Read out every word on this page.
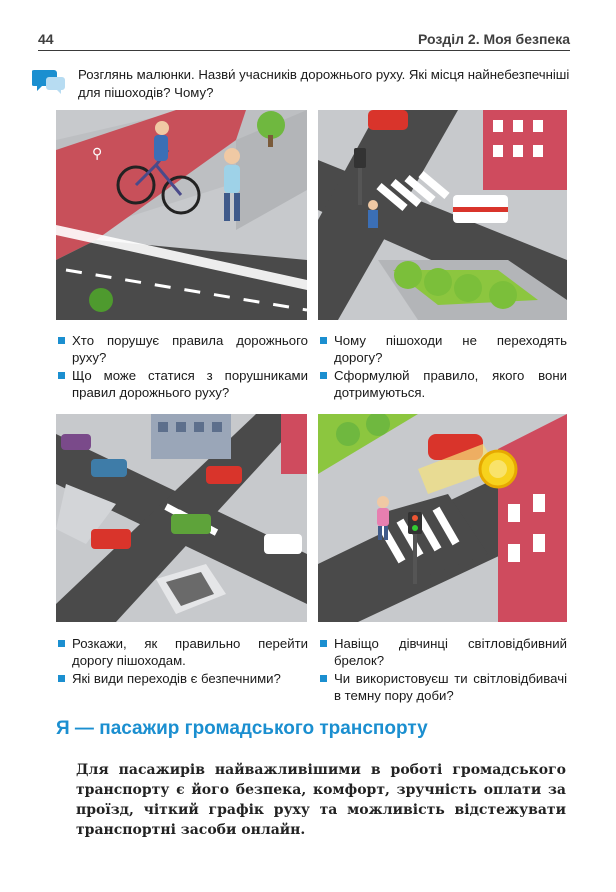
44	Розділ 2. Моя безпека
Розглянь малюнки. Назви́ учасників дорожнього руху. Які місця найнебезпечніші для пішоходів? Чому?
⚲
Хто порушує правила дорожнього руху?
Що може статися з порушниками правил дорожнього руху?
Чому пішоходи не переходять дорогу?
Сформулюй правило, якого вони дотримуються.
Розкажи, як правильно перейти дорогу пішоходам.
Які види переходів є безпечними?
Навіщо дівчинці світловідбивний брелок?
Чи використовуєш ти світловідбивачі в темну пору доби?
Я — пасажир громадського транспорту
Для пасажирів найважливішими в роботі громадського транспорту є його безпека, комфорт, зручність оплати за проїзд, чіткий графік руху та можливість відстежувати транспортні засоби онлайн.
